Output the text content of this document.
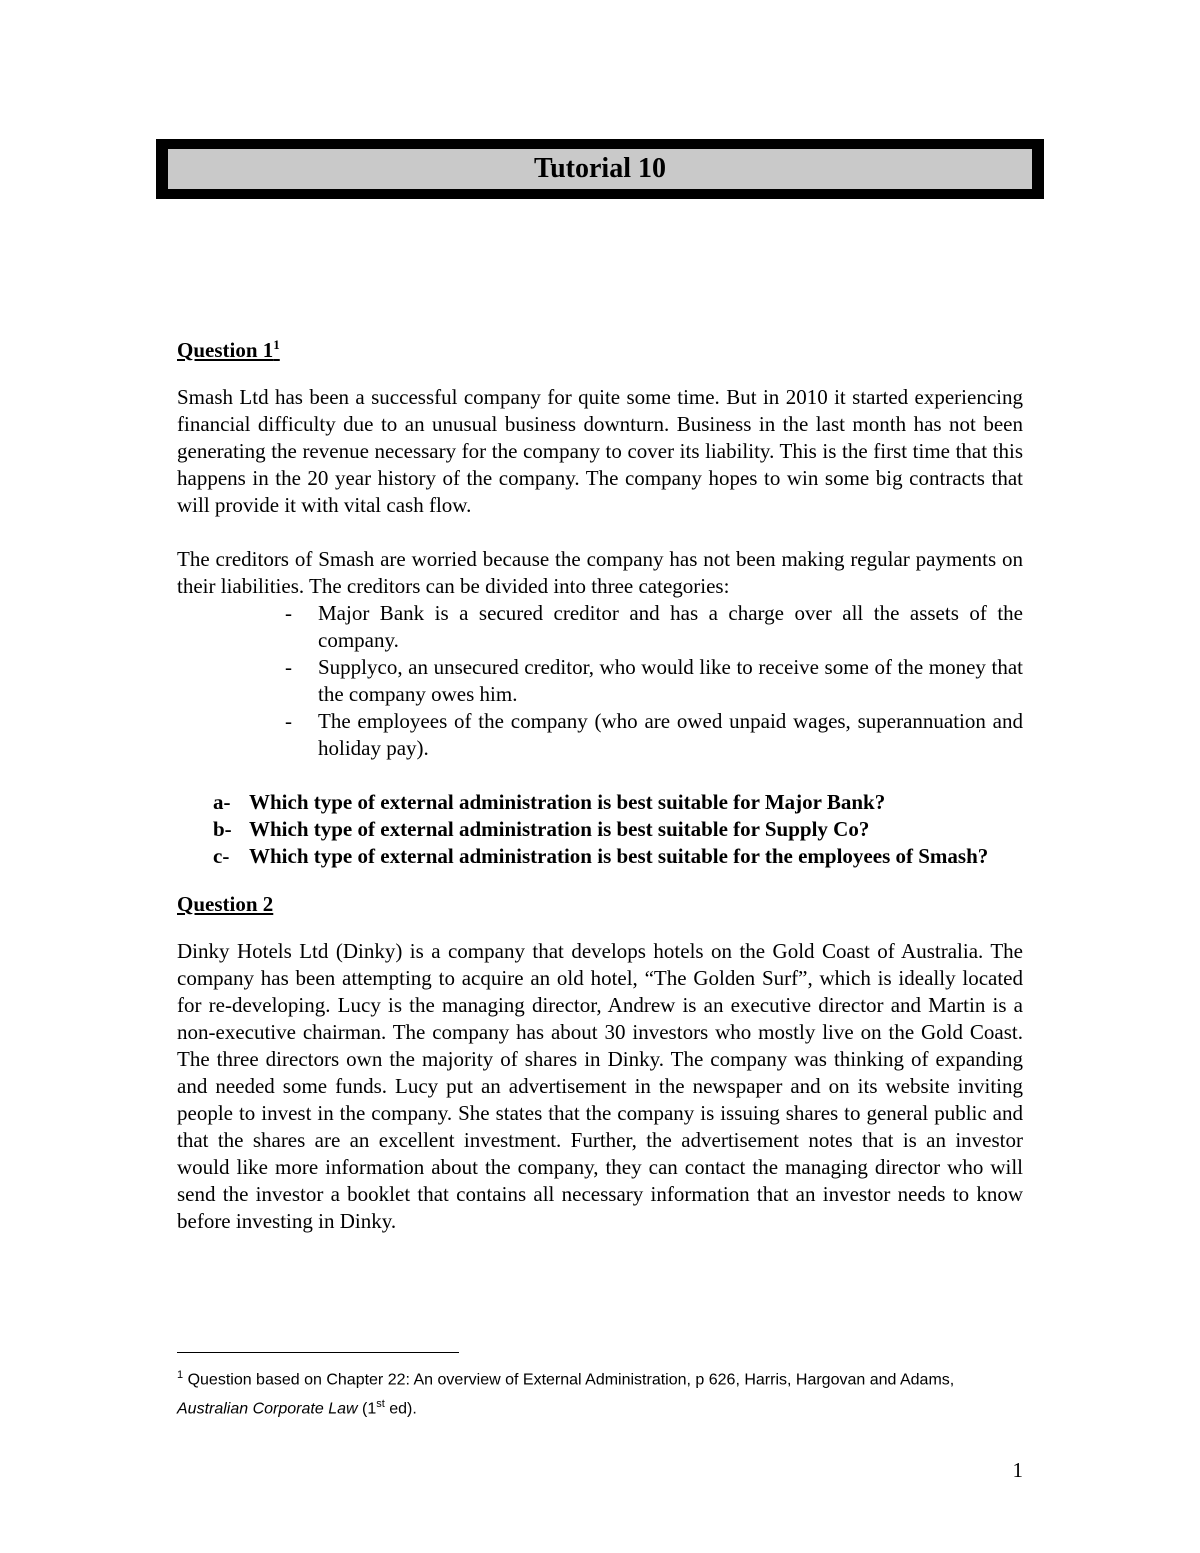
Tutorial 10
Question $1^1$

Smash Ltd has been a successful company for quite some time. But in 2010 it started experiencing financial difficulty due to an unusual business downturn. Business in the last month has not been generating the revenue necessary for the company to cover its liability. This is the first time that this happens in the 20 year history of the company. The company hopes to win some big contracts that will provide it with vital cash flow.

The creditors of Smash are worried because the company has not been making regular payments on their liabilities. The creditors can be divided into three categories:

- Major Bank is a secured creditor and has a charge over all the assets of the company.
- Supplyco, an unsecured creditor, who would like to receive some of the money that the company owes him.
- The employees of the company (who are owed unpaid wages, superannuation and holiday pay).
a- Which type of external administration is best suitable for Major Bank?
b- Which type of external administration is best suitable for Supply Co?
c- Which type of external administration is best suitable for the employees of Smash?
Question 2

Dinky Hotels Ltd (Dinky) is a company that develops hotels on the Gold Coast of Australia. The company has been attempting to acquire an old hotel, “The Golden Surf”, which is ideally located for re-developing. Lucy is the managing director, Andrew is an executive director and Martin is a non-executive chairman. The company has about 30 investors who mostly live on the Gold Coast. The three directors own the majority of shares in Dinky. The company was thinking of expanding and needed some funds. Lucy put an advertisement in the newspaper and on its website inviting people to invest in the company. She states that the company is issuing shares to general public and that the shares are an excellent investment. Further, the advertisement notes that is an investor would like more information about the company, they can contact the managing director who will send the investor a booklet that contains all necessary information that an investor needs to know before investing in Dinky.

$^1$ Question based on Chapter 22: An overview of External Administration, p 626, Harris, Hargovan and Adams, Australian Corporate Law (1st ed).
1
